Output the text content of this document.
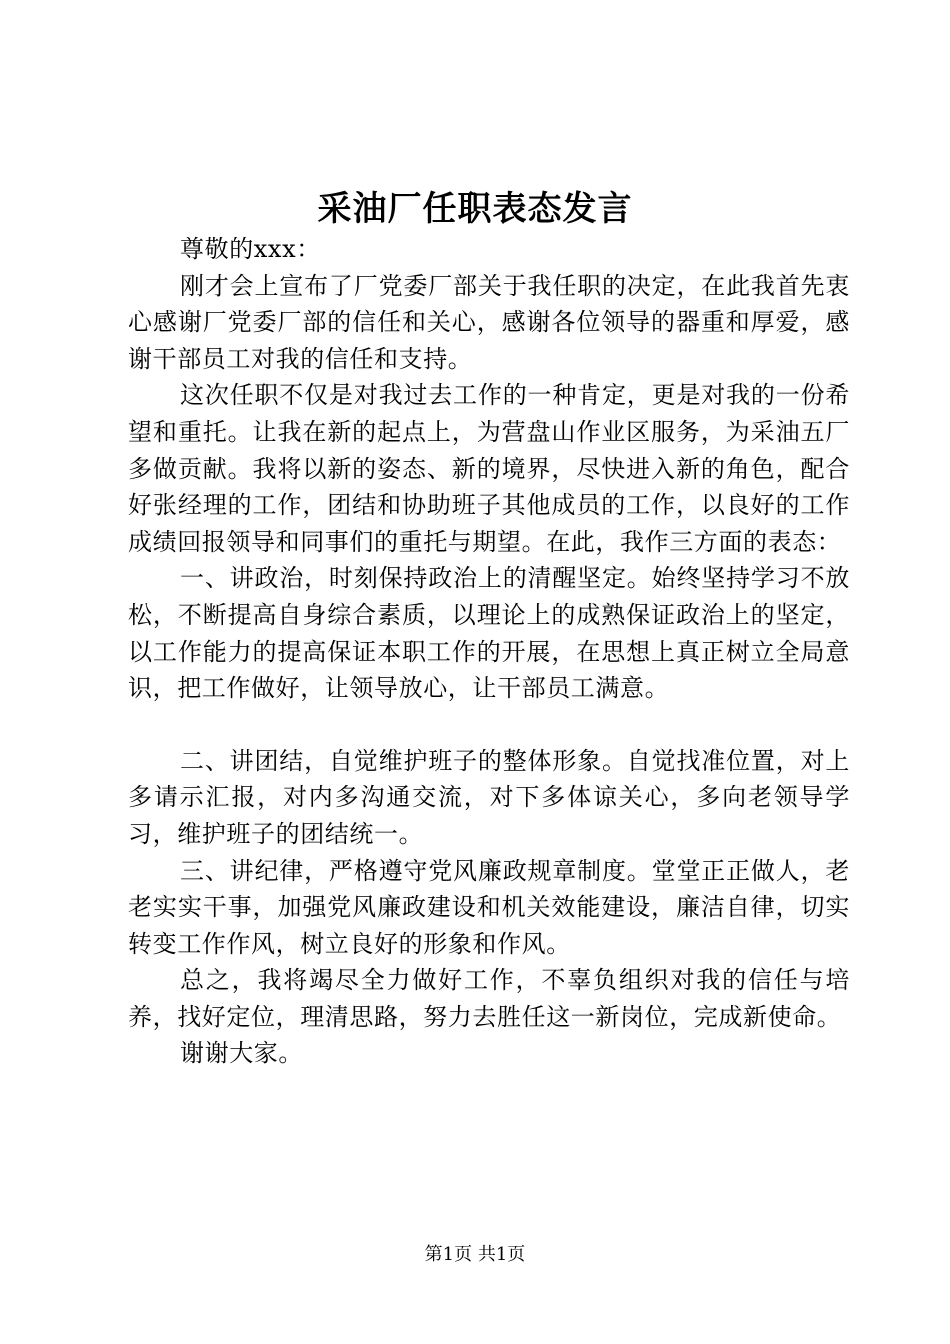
采油厂任职表态发言

尊敬的xxx：

刚才会上宣布了厂党委厂部关于我任职的决定，在此我首先衷心感谢厂党委厂部的信任和关心，感谢各位领导的器重和厚爱，感谢干部员工对我的信任和支持。

这次任职不仅是对我过去工作的一种肯定，更是对我的一份希望和重托。让我在新的起点上，为营盘山作业区服务，为采油五厂多做贡献。我将以新的姿态、新的境界，尽快进入新的角色，配合好张经理的工作，团结和协助班子其他成员的工作，以良好的工作成绩回报领导和同事们的重托与期望。在此，我作三方面的表态：

一、讲政治，时刻保持政治上的清醒坚定。始终坚持学习不放松，不断提高自身综合素质，以理论上的成熟保证政治上的坚定，以工作能力的提高保证本职工作的开展，在思想上真正树立全局意识，把工作做好，让领导放心，让干部员工满意。

二、讲团结，自觉维护班子的整体形象。自觉找准位置，对上多请示汇报，对内多沟通交流，对下多体谅关心，多向老领导学习，维护班子的团结统一。

三、讲纪律，严格遵守党风廉政规章制度。堂堂正正做人，老老实实干事，加强党风廉政建设和机关效能建设，廉洁自律，切实转变工作作风，树立良好的形象和作风。

总之，我将竭尽全力做好工作，不辜负组织对我的信任与培养，找好定位，理清思路，努力去胜任这一新岗位，完成新使命。

谢谢大家。

第1页 共1页
